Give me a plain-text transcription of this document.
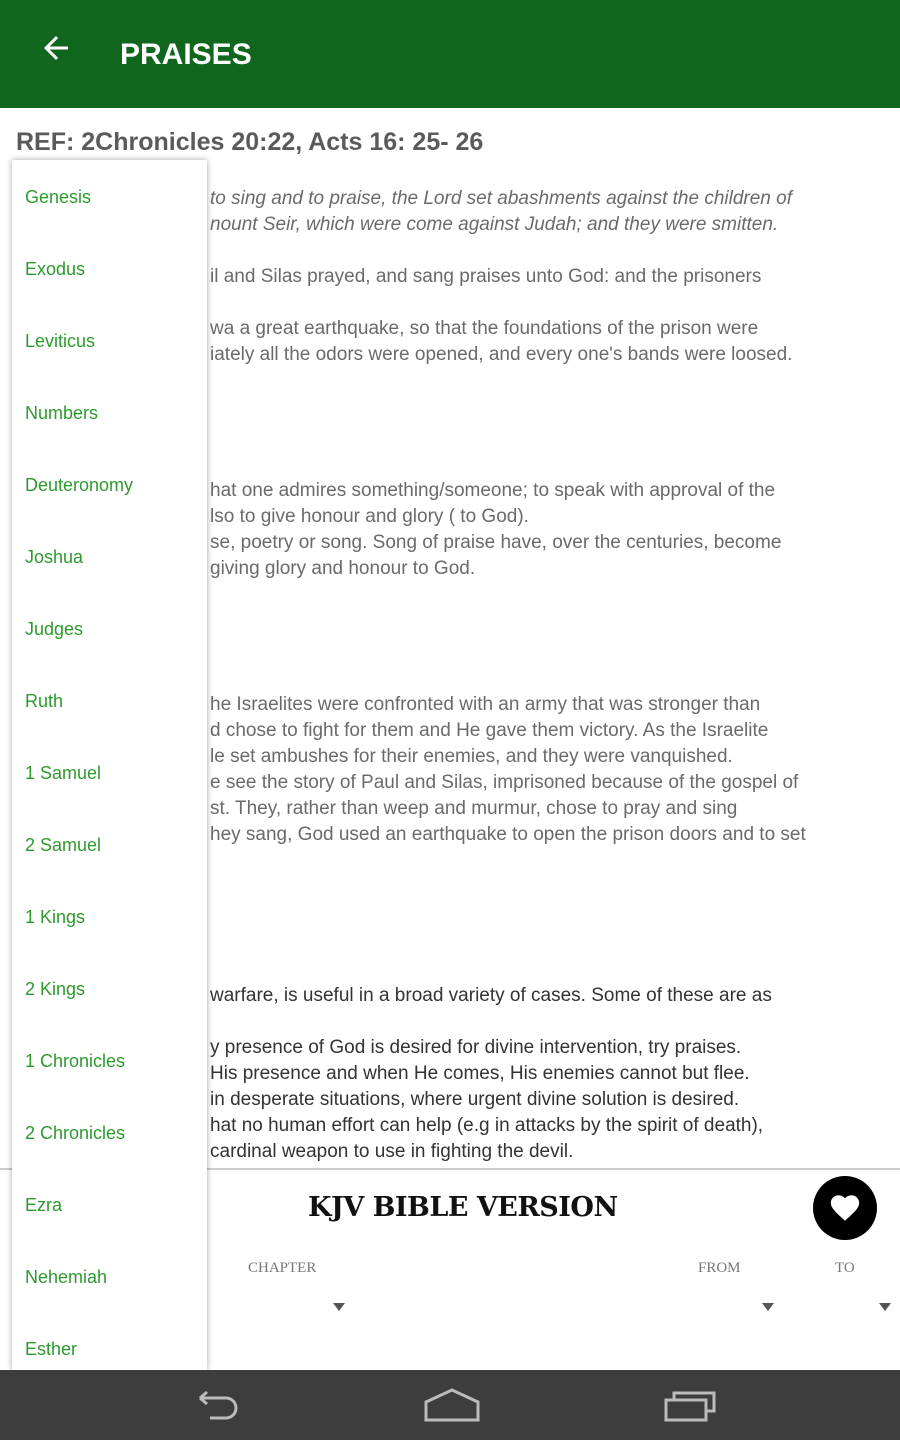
PRAISES
REF: 2Chronicles 20:22, Acts 16: 25- 26
to sing and to praise, the Lord set abashments against the children of
nount Seir, which were come against Judah; and they were smitten.
il and Silas prayed, and sang praises unto God: and the prisoners
wa a great earthquake, so that the foundations of the prison were
iately all the odors were opened, and every one's bands were loosed.
hat one admires something/someone; to speak with approval of the
lso to give honour and glory ( to God).
se, poetry or song. Song of praise have, over the centuries, become
giving glory and honour to God.
he Israelites were confronted with an army that was stronger than
d chose to fight for them and He gave them victory. As the Israelite
le set ambushes for their enemies, and they were vanquished.
e see the story of Paul and Silas, imprisoned because of the gospel of
st. They, rather than weep and murmur, chose to pray and sing
hey sang, God used an earthquake to open the prison doors and to set
warfare, is useful in a broad variety of cases. Some of these are as
y presence of God is desired for divine intervention, try praises.
His presence and when He comes, His enemies cannot but flee.
in desperate situations, where urgent divine solution is desired.
hat no human effort can help (e.g in attacks by the spirit of death),
cardinal weapon to use in fighting the devil.
KJV BIBLE VERSION
CHAPTER	FROM	TO
Genesis
Exodus
Leviticus
Numbers
Deuteronomy
Joshua
Judges
Ruth
1 Samuel
2 Samuel
1 Kings
2 Kings
1 Chronicles
2 Chronicles
Ezra
Nehemiah
Esther
